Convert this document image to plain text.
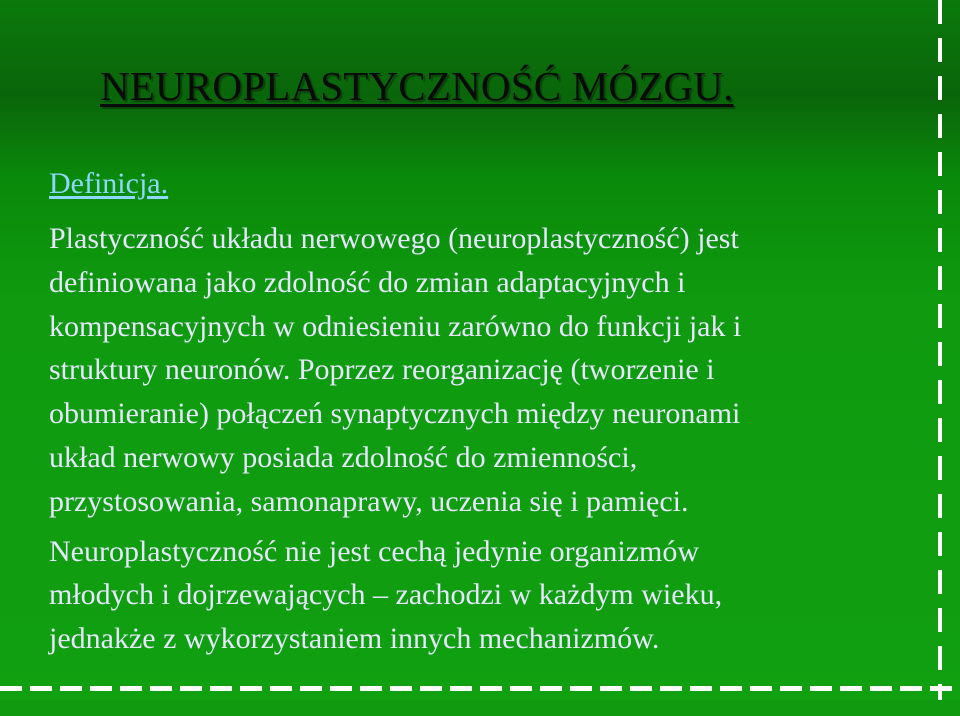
NEUROPLASTYCZNOŚĆ MÓZGU.
Definicja.

Plastyczność układu nerwowego (neuroplastyczność) jest
definiowana jako zdolność do zmian adaptacyjnych i
kompensacyjnych w odniesieniu zarówno do funkcji jak i
struktury neuronów. Poprzez reorganizację (tworzenie i
obumieranie) połączeń synaptycznych między neuronami
układ nerwowy posiada zdolność do zmienności,
przystosowania, samonaprawy, uczenia się i pamięci.

Neuroplastyczność nie jest cechą jedynie organizmów
młodych i dojrzewających – zachodzi w każdym wieku,
jednakże z wykorzystaniem innych mechanizmów.
